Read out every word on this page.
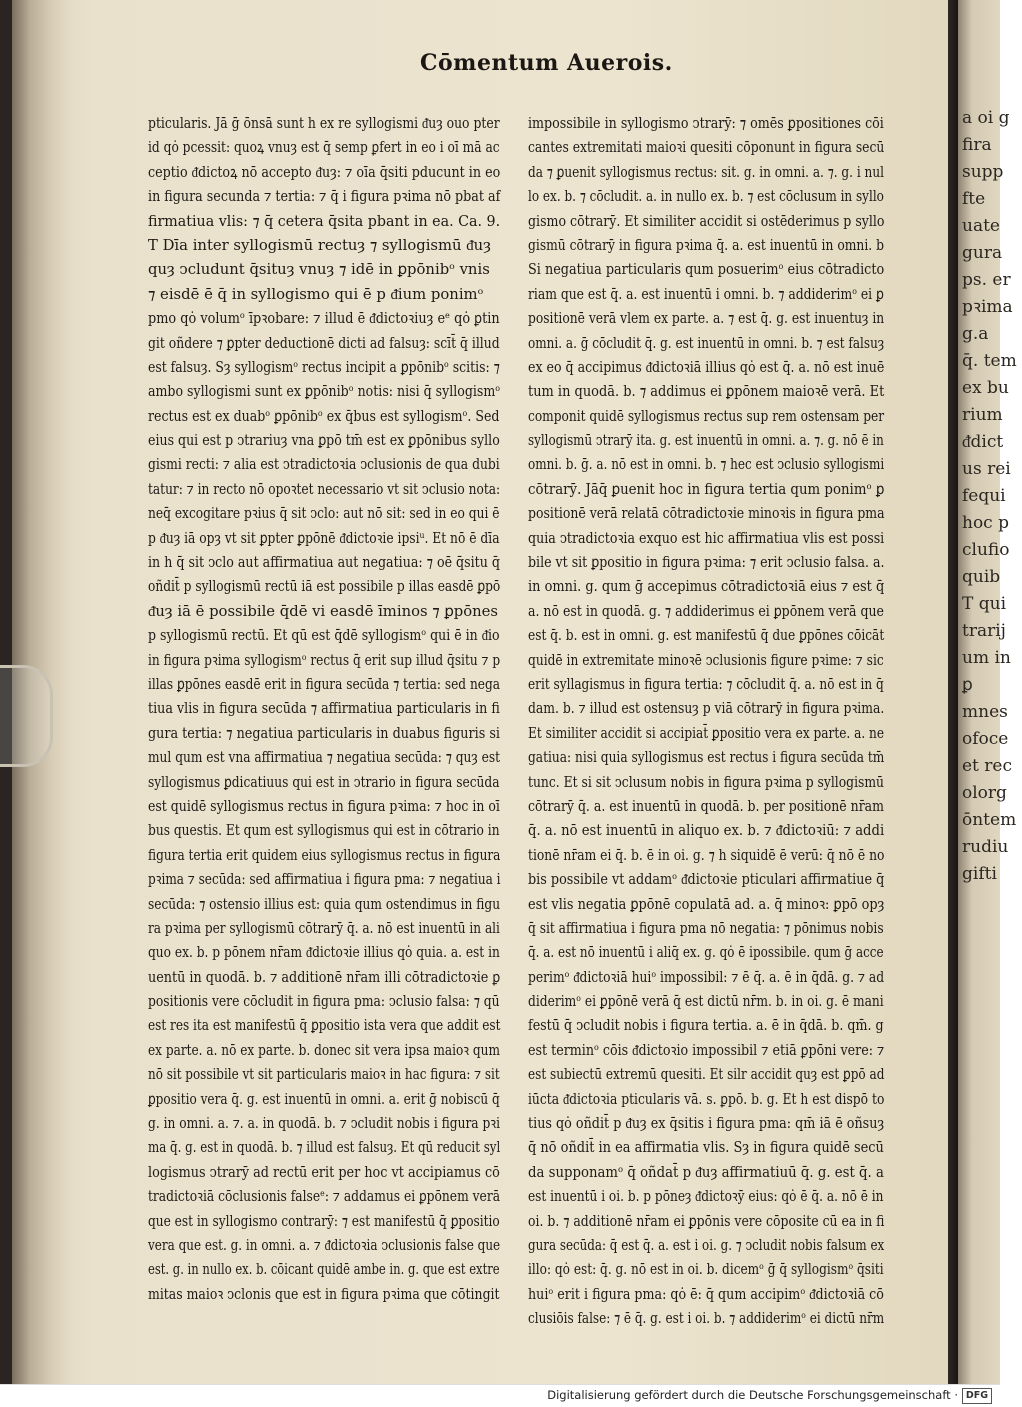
a oi g
fira
supp
fte
uate
gura
ps. er
pꝛima
g.a
q̄. tem
ex bu
rium
ᵭdict
us rei
fequi
hoc p
clufio
quib
T qui
trarij
um in
ꝑ
mnes
ofoce
et rec
olorg
ōntem
rudiu
gifti
Cōmentum Auerois.
pticularis. Jā ḡ ōnsā sunt h ex re syllogismi ᵭuȝ ouo pter
id qȯ pcessit: quoꝝ vnuȝ est q̄ semp ꝑfert in eo i oī mā ac
ceptio ᵭdictoꝝ nō accepto ᵭuȝ: ⁊ oīa q̄siti pducunt in eo
in figura secunda ⁊ tertia: ⁊ q̄ i figura pꝛima nō pbat af
firmatiua vlis: ⁊ q̄ cetera q̄sita pbant in ea. Ca. 9.
T Dīa inter syllogismū rectuȝ ⁊ syllogismū ᵭuȝ
quȝ ↄcludunt q̄situȝ vnuȝ ⁊ idē in ꝑpōnibᵒ vnis
⁊ eisdē ē q̄ in syllogismo qui ē p ᵭium ponimᵒ
pmo qȯ volumᵒ īpꝛobare: ⁊ illud ē ᵭdictoꝛiuȝ eᵉ qȯ ꝑtin
git oñdere ⁊ ꝑpter deductionē dicti ad falsuȝ: scīt̄ q̄ illud
est falsuȝ. Sȝ syllogismᵒ rectus incipit a ꝑpōnibᵒ scitis: ⁊
ambo syllogismi sunt ex ꝑpōnibᵒ notis: nisi q̄ syllogismᵒ
rectus est ex duabᵒ ꝑpōnibᵒ ex q̄bus est syllogismᵒ. Sed
eius qui est p ↄtrariuȝ vna ꝑpō tm̄ est ex ꝑpōnibus syllo
gismi recti: ⁊ alia est ↄtradictoꝛia ↄclusionis de qua dubi
tatur: ⁊ in recto nō opoꝛtet necessario vt sit ↄclusio nota:
neq̄ excogitare pꝛius q̄ sit ↄclo: aut nō sit: sed in eo qui ē
p ᵭuȝ iā opȝ vt sit ꝑpter ꝑpōnē ᵭdictoꝛie ipsiᵘ. Et nō ē dīa
in h q̄ sit ↄclo aut affirmatiua aut negatiua: ⁊ oē q̄situ q̄
oñdit̄ p syllogismū rectū iā est possibile p illas easdē ꝑpō
ᵭuȝ iā ē possibile q̄dē vi easdē īminos ⁊ ꝑpōnes
p syllogismū rectū. Et qū est q̄dē syllogismᵒ qui ē in ᵭio
in figura pꝛima syllogismᵒ rectus q̄ erit sup illud q̄situ ⁊ p
illas ꝑpōnes easdē erit in figura secūda ⁊ tertia: sed nega
tiua vlis in figura secūda ⁊ affirmatiua particularis in fi
gura tertia: ⁊ negatiua particularis in duabus figuris si
mul qum est vna affirmatiua ⁊ negatiua secūda: ⁊ quȝ est
syllogismus ꝑdicatiuus qui est in ↄtrario in figura secūda
est quidē syllogismus rectus in figura pꝛima: ⁊ hoc in oī
bus questis. Et qum est syllogismus qui est in cōtrario in
figura tertia erit quidem eius syllogismus rectus in figura
pꝛima ⁊ secūda: sed affirmatiua i figura pma: ⁊ negatiua i
secūda: ⁊ ostensio illius est: quia qum ostendimus in figu
ra pꝛima per syllogismū cōtrarȳ q̄. a. nō est inuentū in ali
quo ex. b. p pōnem nr̄am ᵭdictoꝛie illius qȯ quia. a. est in
uentū in quodā. b. ⁊ additionē nr̄am illi cōtradictoꝛie ꝑ
positionis vere cōcludit in figura pma: ↄclusio falsa: ⁊ qū
est res ita est manifestū q̄ ꝑpositio ista vera que addit est
ex parte. a. nō ex parte. b. donec sit vera ipsa maioꝛ qum
nō sit possibile vt sit particularis maioꝛ in hac figura: ⁊ sit
ꝑpositio vera q̄. g. est inuentū in omni. a. erit ḡ nobiscū q̄
g. in omni. a. ⁊. a. in quodā. b. ⁊ ↄcludit nobis i figura pꝛi
ma q̄. g. est in quodā. b. ⁊ illud est falsuȝ. Et qū reducit syl
logismus ↄtrarȳ ad rectū erit per hoc vt accipiamus cō
tradictoꝛiā cōclusionis falseᵉ: ⁊ addamus ei ꝑpōnem verā
que est in syllogismo contrarȳ: ⁊ est manifestū q̄ ꝑpositio
vera que est. g. in omni. a. ⁊ ᵭdictoꝛia ↄclusionis false que
est. g. in nullo ex. b. cōicant quidē ambe in. g. que est extre
mitas maioꝛ ↄclonis que est in figura pꝛima que cōtingit
impossibile in syllogismo ↄtrarȳ: ⁊ omēs ꝑpositiones cōi
cantes extremitati maioꝛi quesiti cōponunt in figura secū
da ⁊ ꝑuenit syllogismus rectus: sit. g. in omni. a. ⁊. g. i nul
lo ex. b. ⁊ cōcludit. a. in nullo ex. b. ⁊ est cōclusum in syllo
gismo cōtrarȳ. Et similiter accidit si ostēderimus p syllo
gismū cōtrarȳ in figura pꝛima q̄. a. est inuentū in omni. b
Si negatiua particularis qum posuerimᵒ eius cōtradicto
riam que est q̄. a. est inuentū i omni. b. ⁊ addiderimᵒ ei ꝑ
positionē verā vlem ex parte. a. ⁊ est q̄. g. est inuentuȝ in
omni. a. ḡ cōcludit q̄. g. est inuentū in omni. b. ⁊ est falsuȝ
ex eo q̄ accipimus ᵭdictoꝛiā illius qȯ est q̄. a. nō est inuē
tum in quodā. b. ⁊ addimus ei ꝑpōnem maioꝛē verā. Et
componit quidē syllogismus rectus sup rem ostensam per
syllogismū ↄtrarȳ ita. g. est inuentū in omni. a. ⁊. g. nō ē in
omni. b. ḡ. a. nō est in omni. b. ⁊ hec est ↄclusio syllogismi
cōtrarȳ. Jāq̄ ꝑuenit hoc in figura tertia qum ponimᵒ ꝑ
positionē verā relatā cōtradictoꝛie minoꝛis in figura pma
quia ↄtradictoꝛia exquo est hic affirmatiua vlis est possi
bile vt sit ꝑpositio in figura pꝛima: ⁊ erit ↄclusio falsa. a.
in omni. g. qum ḡ accepimus cōtradictoꝛiā eius ⁊ est q̄
a. nō est in quodā. g. ⁊ addiderimus ei ꝑpōnem verā que
est q̄. b. est in omni. g. est manifestū q̄ due ꝑpōnes cōicāt
quidē in extremitate minoꝛē ↄclusionis figure pꝛime: ⁊ sic
erit syllagismus in figura tertia: ⁊ cōcludit q̄. a. nō est in q̄
dam. b. ⁊ illud est ostensuȝ p viā cōtrarȳ in figura pꝛima.
Et similiter accidit si accipiat̄ ꝑpositio vera ex parte. a. ne
gatiua: nisi quia syllogismus est rectus i figura secūda tm̄
tunc. Et si sit ↄclusum nobis in figura pꝛima p syllogismū
cōtrarȳ q̄. a. est inuentū in quodā. b. per positionē nr̄am
q̄. a. nō est inuentū in aliquo ex. b. ⁊ ᵭdictoꝛiū: ⁊ addi
tionē nr̄am ei q̄. b. ē in oi. g. ⁊ h siquidē ē verū: q̄ nō ē no
bis possibile vt addamᵒ ᵭdictoꝛie pticulari affirmatiue q̄
est vlis negatia ꝑpōnē copulatā ad. a. q̄ minoꝛ: ꝑpō opȝ
q̄ sit affirmatiua i figura pma nō negatia: ⁊ pōnimus nobis
q̄. a. est nō inuentū i aliq̄ ex. g. qȯ ē ipossibile. qum ḡ acce
perimᵒ ᵭdictoꝛiā huiᵒ impossibil: ⁊ ē q̄. a. ē in q̄dā. g. ⁊ ad
diderimᵒ ei ꝑpōnē verā q̄ est dictū nr̄m. b. in oi. g. ē mani
festū q̄ ↄcludit nobis i figura tertia. a. ē in q̄dā. b. qm̄. g
est terminᵒ cōis ᵭdictoꝛio impossibil ⁊ etiā ꝑpōni vere: ⁊
est subiectū extremū quesiti. Et silr accidit quȝ est ꝑpō ad
iūcta ᵭdictoꝛia pticularis vā. s. ꝑpō. b. g. Et h est dispō to
tius qȯ oñdit̄ p ᵭuȝ ex q̄sitis i figura pma: qm̄ iā ē oñsuȝ
q̄ nō oñdit̄ in ea affirmatia vlis. Sȝ in figura quidē secū
da supponamᵒ q̄ oñdat̄ p ᵭuȝ affirmatiuū q̄. g. est q̄. a
est inuentū i oi. b. p pōneȝ ᵭdictoꝛȳ eius: qȯ ē q̄. a. nō ē in
oi. b. ⁊ additionē nr̄am ei ꝑpōnis vere cōposite cū ea in fi
gura secūda: q̄ est q̄. a. est i oi. g. ⁊ ↄcludit nobis falsum ex
illo: qȯ est: q̄. g. nō est in oi. b. dicemᵒ ḡ q̄ syllogismᵒ q̄siti
huiᵒ erit i figura pma: qȯ ē: q̄ qum accipimᵒ ᵭdictoꝛiā cō
clusiōis false: ⁊ ē q̄. g. est i oi. b. ⁊ addiderimᵒ ei dictū nr̄m
Digitalisierung gefördert durch die Deutsche Forschungsgemeinschaft · DFG
